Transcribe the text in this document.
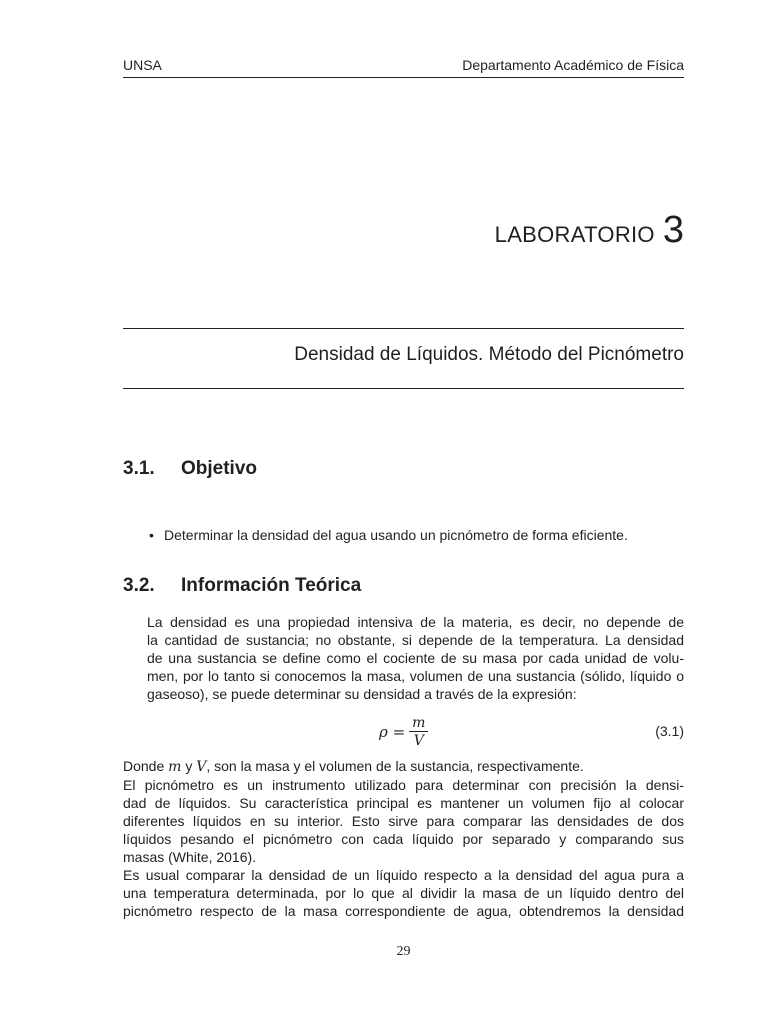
UNSA	Departamento Académico de Física
LABORATORIO 3
Densidad de Líquidos. Método del Picnómetro
3.1.	Objetivo
• Determinar la densidad del agua usando un picnómetro de forma eficiente.
3.2.	Información Teórica
La densidad es una propiedad intensiva de la materia, es decir, no depende de
la cantidad de sustancia; no obstante, si depende de la temperatura. La densidad
de una sustancia se define como el cociente de su masa por cada unidad de volu-
men, por lo tanto si conocemos la masa, volumen de una sustancia (sólido, líquido o
gaseoso), se puede determinar su densidad a través de la expresión:
$\rho = \frac{m}{V}$	(3.1)
Donde m y V, son la masa y el volumen de la sustancia, respectivamente.
El picnómetro es un instrumento utilizado para determinar con precisión la densi-
dad de líquidos. Su característica principal es mantener un volumen fijo al colocar
diferentes líquidos en su interior. Esto sirve para comparar las densidades de dos
líquidos pesando el picnómetro con cada líquido por separado y comparando sus
masas (White, 2016).
Es usual comparar la densidad de un líquido respecto a la densidad del agua pura a
una temperatura determinada, por lo que al dividir la masa de un líquido dentro del
picnómetro respecto de la masa correspondiente de agua, obtendremos la densidad
29
